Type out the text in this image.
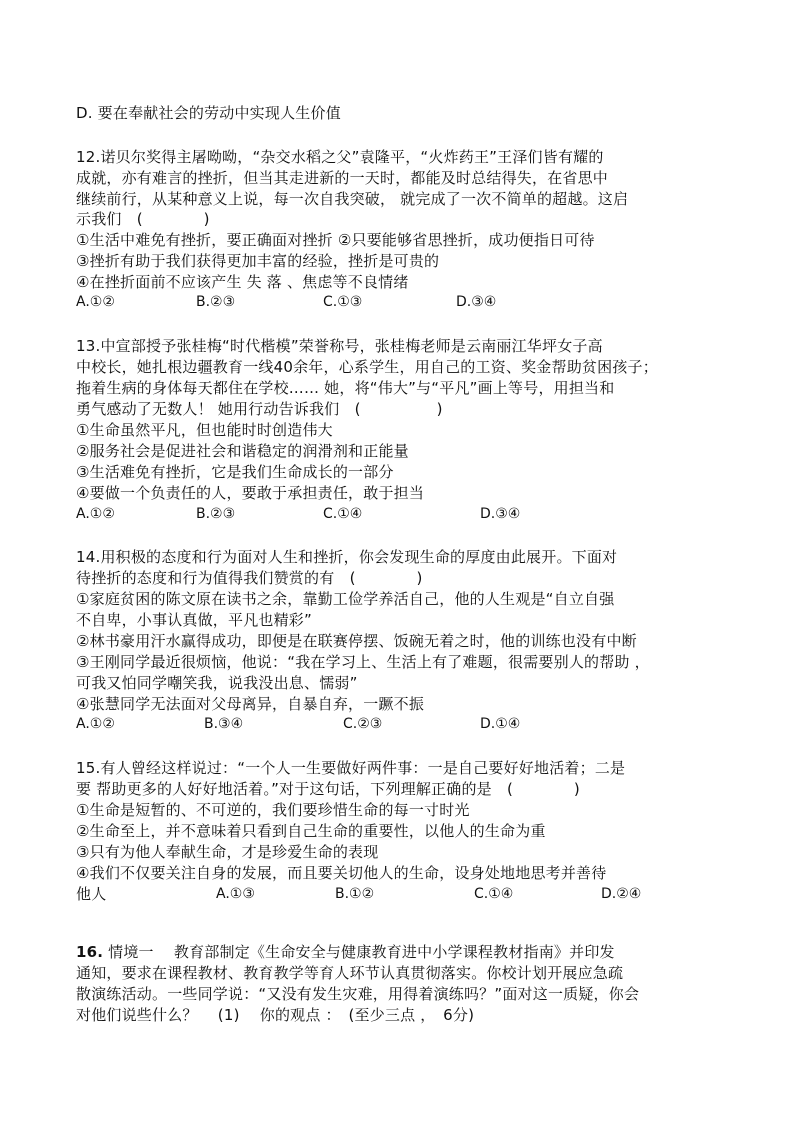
D. 要在奉献社会的劳动中实现人生价值
12.诺贝尔奖得主屠呦呦，“杂交水稻之父”袁隆平，“火炸药王”王泽们皆有耀的
成就，亦有难言的挫折，但当其走进新的一天时，都能及时总结得失，在省思中
继续前行，从某种意义上说，每一次自我突破， 就完成了一次不简单的超越。这启
示我们　(　　　　)
①生活中难免有挫折，要正确面对挫折 ②只要能够省思挫折，成功便指日可待
③挫折有助于我们获得更加丰富的经验，挫折是可贵的
④在挫折面前不应该产生 失 落 、焦虑等不良情绪
A.①②	B.②③	C.①③	D.③④
13.中宣部授予张桂梅“时代楷模”荣誉称号，张桂梅老师是云南丽江华坪女子高
中校长，她扎根边疆教育一线40余年，心系学生，用自己的工资、奖金帮助贫困孩子；
拖着生病的身体每天都住在学校…… 她，将“伟大”与“平凡”画上等号，用担当和
勇气感动了无数人！ 她用行动告诉我们　(　　　　　)
①生命虽然平凡，但也能时时创造伟大
②服务社会是促进社会和谐稳定的润滑剂和正能量
③生活难免有挫折，它是我们生命成长的一部分
④要做一个负责任的人，要敢于承担责任，敢于担当
A.①②	B.②③	C.①④	D.③④
14.用积极的态度和行为面对人生和挫折，你会发现生命的厚度由此展开。下面对
待挫折的态度和行为值得我们赞赏的有　(　　　　)
①家庭贫困的陈文原在读书之余，靠勤工俭学养活自己，他的人生观是“自立自强
不自卑，小事认真做，平凡也精彩”
②林书豪用汗水赢得成功，即便是在联赛停摆、饭碗无着之时，他的训练也没有中断
③王刚同学最近很烦恼，他说：“我在学习上、生活上有了难题，很需要别人的帮助 ，
可我又怕同学嘲笑我，说我没出息、懦弱”
④张慧同学无法面对父母离异，自暴自弃，一蹶不振
A.①②	B.③④	C.②③	D.①④
15.有人曾经这样说过：“一个人一生要做好两件事：一是自己要好好地活着；二是
要 帮助更多的人好好地活着。”对于这句话，下列理解正确的是　(　　　　)
①生命是短暂的、不可逆的，我们要珍惜生命的每一寸时光
②生命至上，并不意味着只看到自己生命的重要性，以他人的生命为重
③只有为他人奉献生命，才是珍爱生命的表现
④我们不仅要关注自身的发展，而且要关切他人的生命，设身处地地思考并善待
他人	A.①③	B.①②	C.①④	D.②④
16. 情境一　 教育部制定《生命安全与健康教育进中小学课程教材指南》并印发
通知，要求在课程教材、教育教学等育人环节认真贯彻落实。你校计划开展应急疏
散演练活动。一些同学说：“又没有发生灾难，用得着演练吗？”面对这一质疑，你会
对他们说些什么？　 (1)　 你的观点 ：　(至少三点 ，　6分)
